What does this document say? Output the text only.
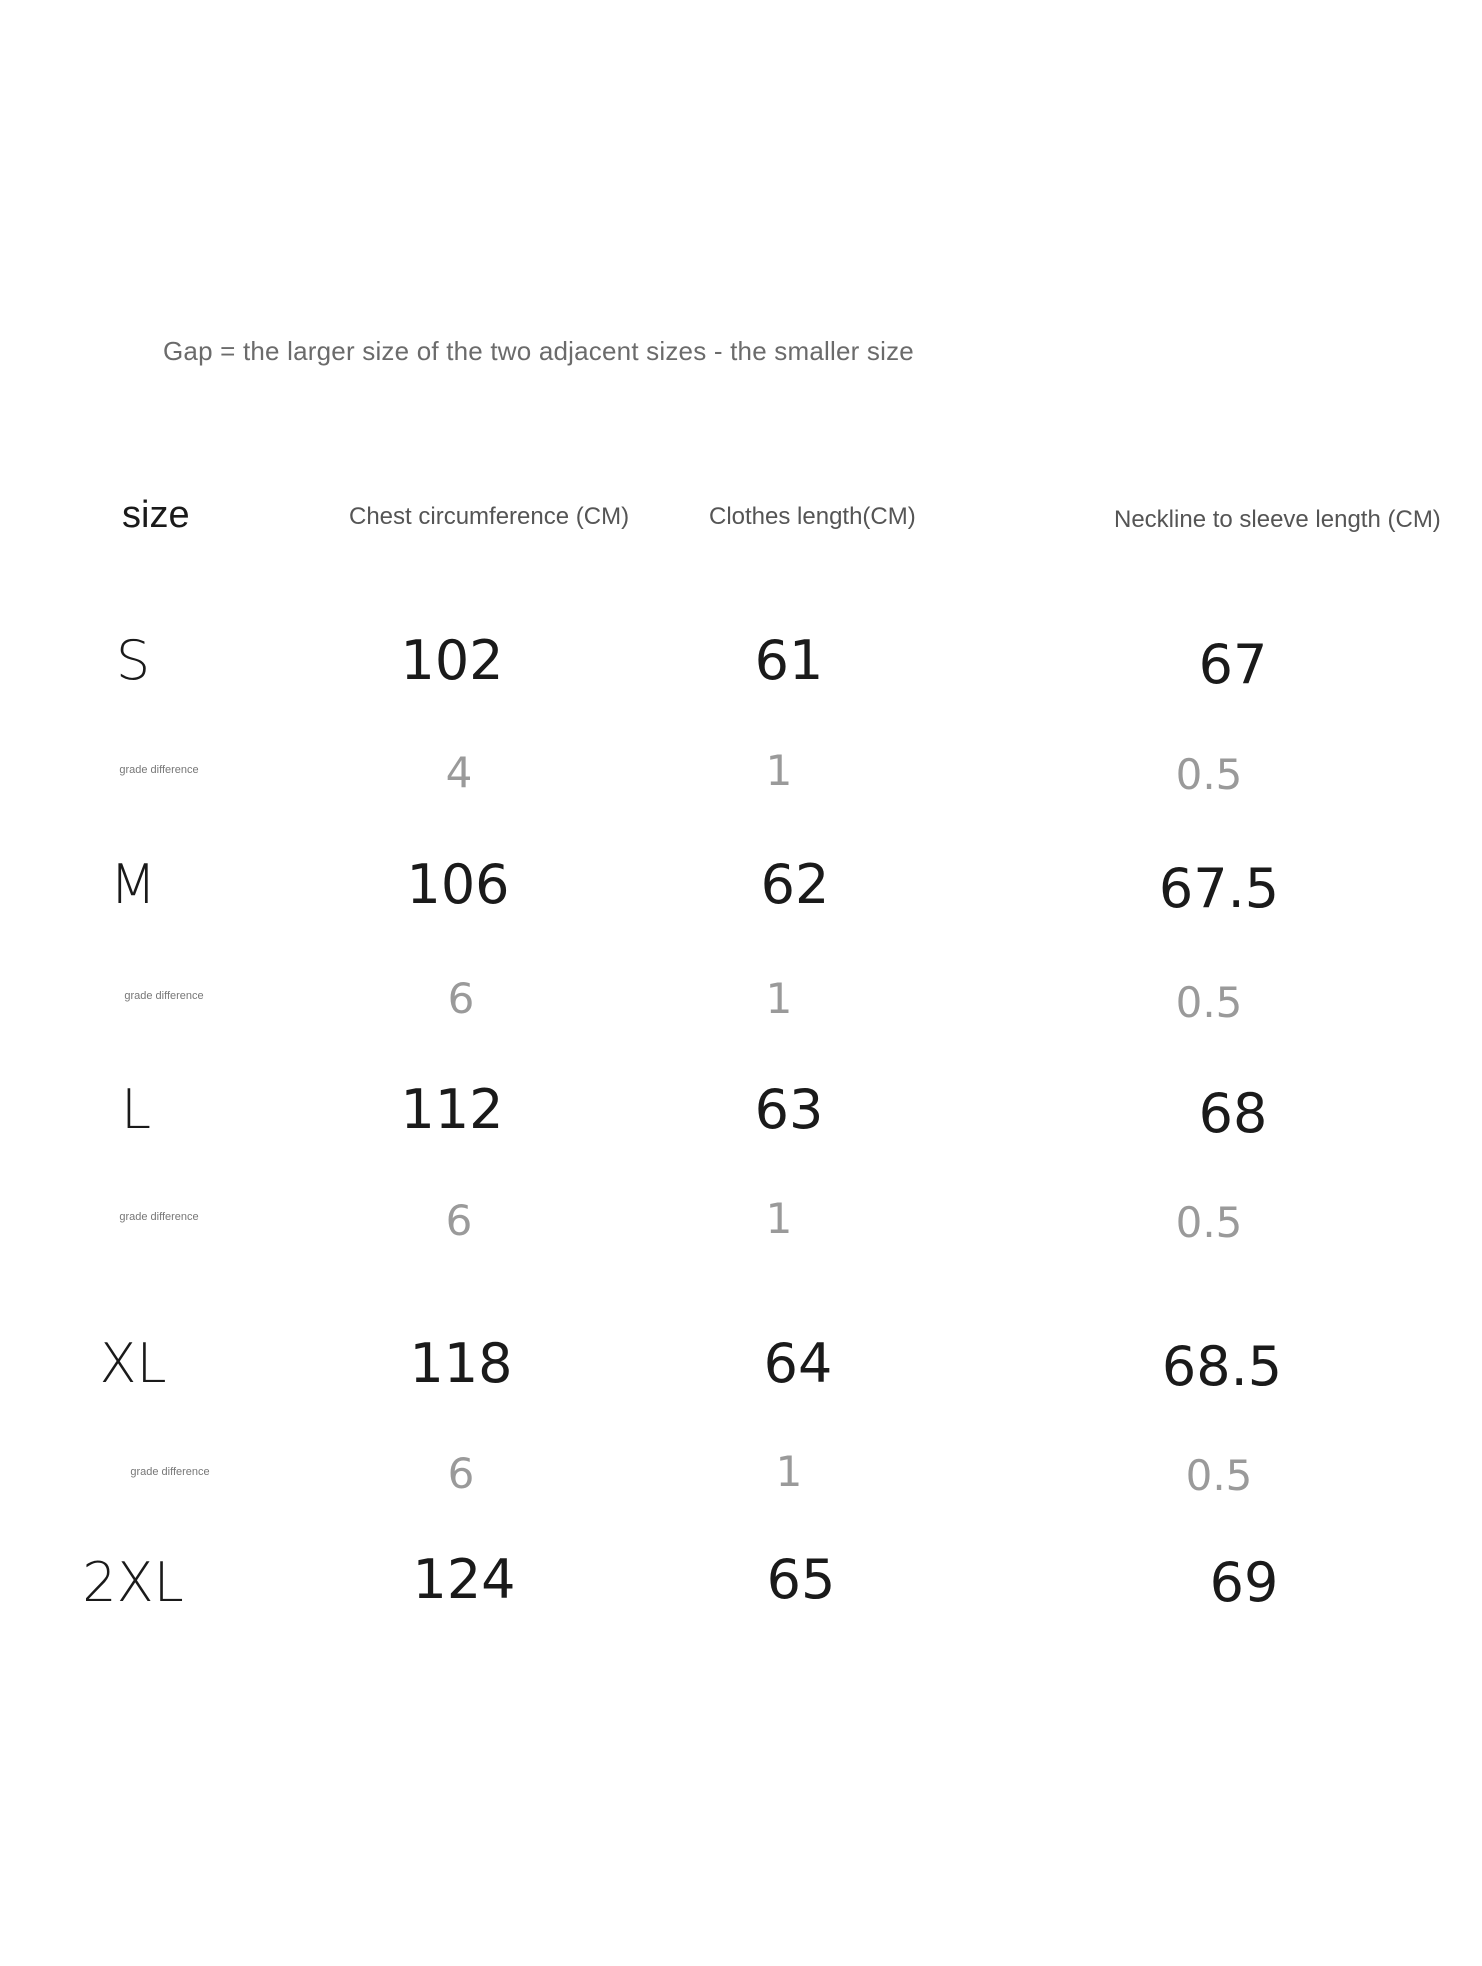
Gap = the larger size of the two adjacent sizes - the smaller size
size	Chest circumference (CM)	Clothes length(CM)	Neckline to sleeve length (CM)
S	102	61	67
grade difference	4	1	0.5
M	106	62	67.5
grade difference	6	1	0.5
L	112	63	68
grade difference	6	1	0.5
XL	118	64	68.5
grade difference	6	1	0.5
2XL	124	65	69
